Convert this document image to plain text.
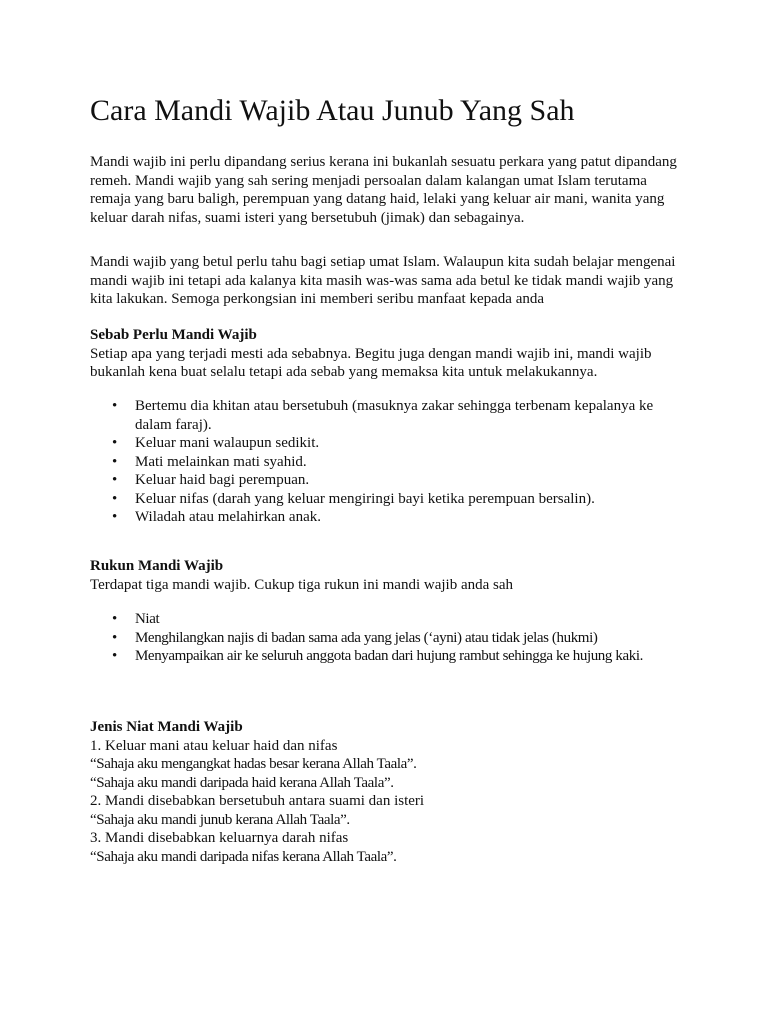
Cara Mandi Wajib Atau Junub Yang Sah

Mandi wajib ini perlu dipandang serius kerana ini bukanlah sesuatu perkara yang patut dipandang remeh. Mandi wajib yang sah sering menjadi persoalan dalam kalangan umat Islam terutama remaja yang baru baligh, perempuan yang datang haid, lelaki yang keluar air mani, wanita yang keluar darah nifas, suami isteri yang bersetubuh (jimak) dan sebagainya.

Mandi wajib yang betul perlu tahu bagi setiap umat Islam. Walaupun kita sudah belajar mengenai mandi wajib ini tetapi ada kalanya kita masih was-was sama ada betul ke tidak mandi wajib yang kita lakukan. Semoga perkongsian ini memberi seribu manfaat kepada anda

Sebab Perlu Mandi Wajib

Setiap apa yang terjadi mesti ada sebabnya. Begitu juga dengan mandi wajib ini, mandi wajib bukanlah kena buat selalu tetapi ada sebab yang memaksa kita untuk melakukannya.

• Bertemu dia khitan atau bersetubuh (masuknya zakar sehingga terbenam kepalanya ke dalam faraj).
• Keluar mani walaupun sedikit.
• Mati melainkan mati syahid.
• Keluar haid bagi perempuan.
• Keluar nifas (darah yang keluar mengiringi bayi ketika perempuan bersalin).
• Wiladah atau melahirkan anak.

Rukun Mandi Wajib

Terdapat tiga mandi wajib. Cukup tiga rukun ini mandi wajib anda sah

• Niat
• Menghilangkan najis di badan sama ada yang jelas (‘ayni) atau tidak jelas (hukmi)
• Menyampaikan air ke seluruh anggota badan dari hujung rambut sehingga ke hujung kaki.

Jenis Niat Mandi Wajib

1. Keluar mani atau keluar haid dan nifas

“Sahaja aku mengangkat hadas besar kerana Allah Taala”.

“Sahaja aku mandi daripada haid kerana Allah Taala”.

2. Mandi disebabkan bersetubuh antara suami dan isteri

“Sahaja aku mandi junub kerana Allah Taala”.

3. Mandi disebabkan keluarnya darah nifas

“Sahaja aku mandi daripada nifas kerana Allah Taala”.
